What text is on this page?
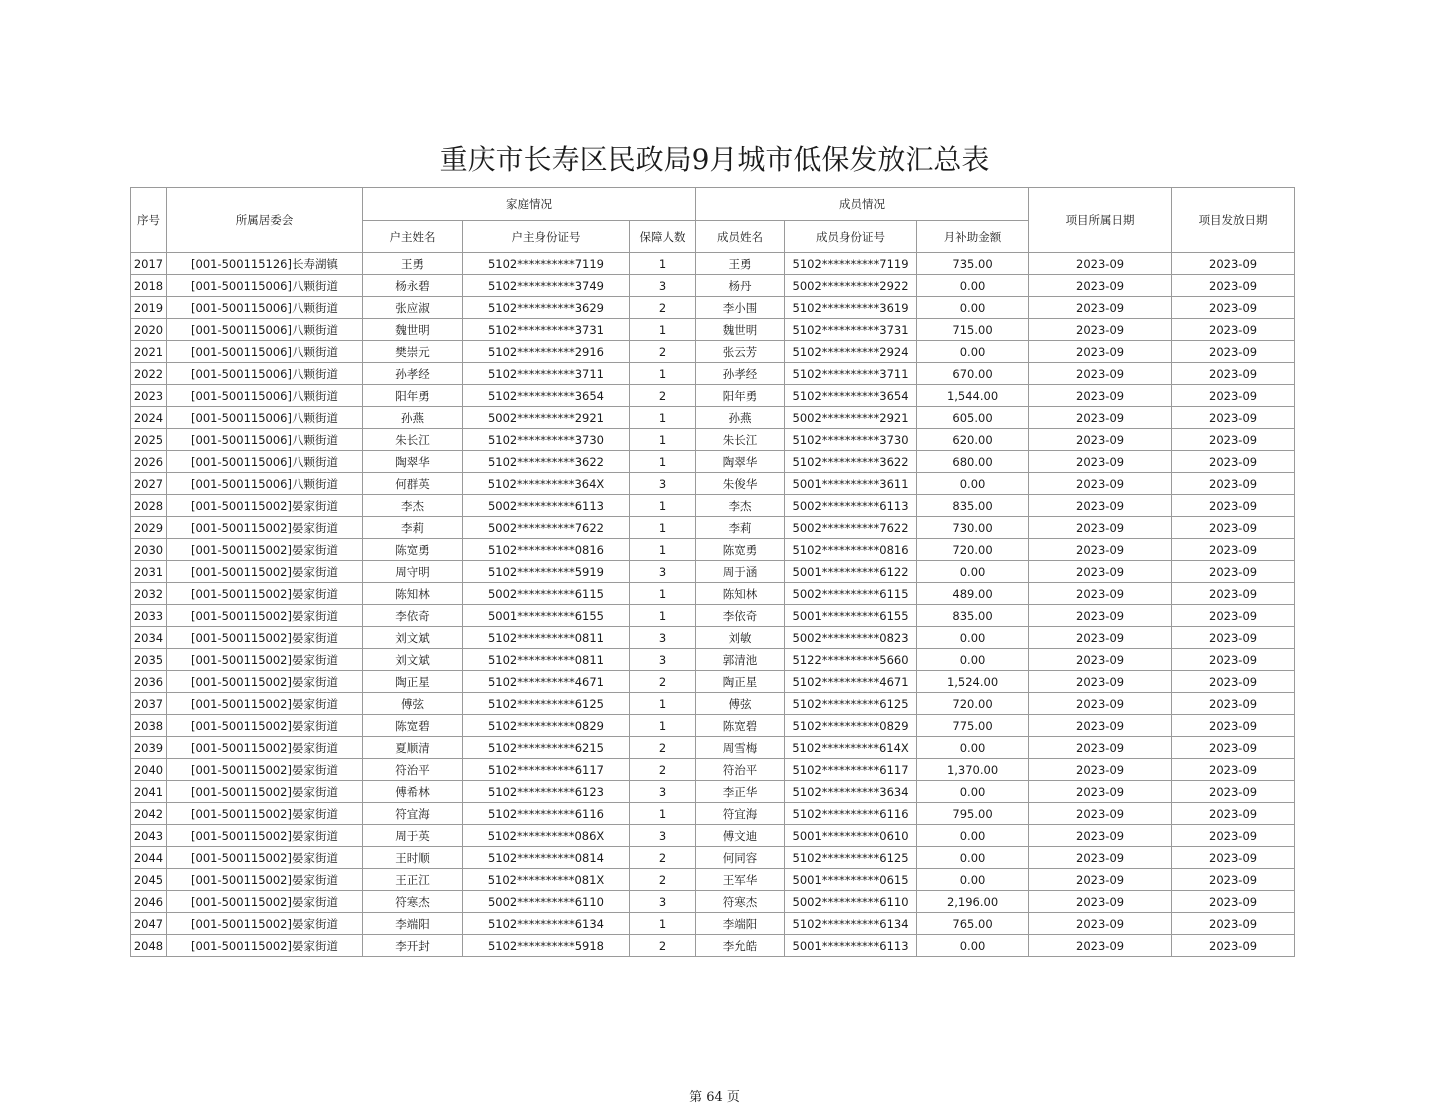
重庆市长寿区民政局9月城市低保发放汇总表
序号	所属居委会	家庭情况			成员情况			项目所属日期	项目发放日期
		户主姓名	户主身份证号	保障人数	成员姓名	成员身份证号	月补助金额		
2017	[001-500115126]长寿湖镇	王勇	5102**********7119	1	王勇	5102**********7119	735.00	2023-09	2023-09
2018	[001-500115006]八颗街道	杨永碧	5102**********3749	3	杨丹	5002**********2922	0.00	2023-09	2023-09
2019	[001-500115006]八颗街道	张应淑	5102**********3629	2	李小围	5102**********3619	0.00	2023-09	2023-09
2020	[001-500115006]八颗街道	魏世明	5102**********3731	1	魏世明	5102**********3731	715.00	2023-09	2023-09
2021	[001-500115006]八颗街道	樊崇元	5102**********2916	2	张云芳	5102**********2924	0.00	2023-09	2023-09
2022	[001-500115006]八颗街道	孙孝经	5102**********3711	1	孙孝经	5102**********3711	670.00	2023-09	2023-09
2023	[001-500115006]八颗街道	阳年勇	5102**********3654	2	阳年勇	5102**********3654	1,544.00	2023-09	2023-09
2024	[001-500115006]八颗街道	孙燕	5002**********2921	1	孙燕	5002**********2921	605.00	2023-09	2023-09
2025	[001-500115006]八颗街道	朱长江	5102**********3730	1	朱长江	5102**********3730	620.00	2023-09	2023-09
2026	[001-500115006]八颗街道	陶翠华	5102**********3622	1	陶翠华	5102**********3622	680.00	2023-09	2023-09
2027	[001-500115006]八颗街道	何群英	5102**********364X	3	朱俊华	5001**********3611	0.00	2023-09	2023-09
2028	[001-500115002]晏家街道	李杰	5002**********6113	1	李杰	5002**********6113	835.00	2023-09	2023-09
2029	[001-500115002]晏家街道	李莉	5002**********7622	1	李莉	5002**********7622	730.00	2023-09	2023-09
2030	[001-500115002]晏家街道	陈宽勇	5102**********0816	1	陈宽勇	5102**********0816	720.00	2023-09	2023-09
2031	[001-500115002]晏家街道	周守明	5102**********5919	3	周于涵	5001**********6122	0.00	2023-09	2023-09
2032	[001-500115002]晏家街道	陈知林	5002**********6115	1	陈知林	5002**********6115	489.00	2023-09	2023-09
2033	[001-500115002]晏家街道	李依奇	5001**********6155	1	李依奇	5001**********6155	835.00	2023-09	2023-09
2034	[001-500115002]晏家街道	刘文斌	5102**********0811	3	刘敏	5002**********0823	0.00	2023-09	2023-09
2035	[001-500115002]晏家街道	刘文斌	5102**********0811	3	郭清池	5122**********5660	0.00	2023-09	2023-09
2036	[001-500115002]晏家街道	陶正星	5102**********4671	2	陶正星	5102**********4671	1,524.00	2023-09	2023-09
2037	[001-500115002]晏家街道	傅弦	5102**********6125	1	傅弦	5102**********6125	720.00	2023-09	2023-09
2038	[001-500115002]晏家街道	陈宽碧	5102**********0829	1	陈宽碧	5102**********0829	775.00	2023-09	2023-09
2039	[001-500115002]晏家街道	夏顺清	5102**********6215	2	周雪梅	5102**********614X	0.00	2023-09	2023-09
2040	[001-500115002]晏家街道	符治平	5102**********6117	2	符治平	5102**********6117	1,370.00	2023-09	2023-09
2041	[001-500115002]晏家街道	傅希林	5102**********6123	3	李正华	5102**********3634	0.00	2023-09	2023-09
2042	[001-500115002]晏家街道	符宜海	5102**********6116	1	符宜海	5102**********6116	795.00	2023-09	2023-09
2043	[001-500115002]晏家街道	周于英	5102**********086X	3	傅文迪	5001**********0610	0.00	2023-09	2023-09
2044	[001-500115002]晏家街道	王时顺	5102**********0814	2	何同容	5102**********6125	0.00	2023-09	2023-09
2045	[001-500115002]晏家街道	王正江	5102**********081X	2	王军华	5001**********0615	0.00	2023-09	2023-09
2046	[001-500115002]晏家街道	符寒杰	5002**********6110	3	符寒杰	5002**********6110	2,196.00	2023-09	2023-09
2047	[001-500115002]晏家街道	李端阳	5102**********6134	1	李端阳	5102**********6134	765.00	2023-09	2023-09
2048	[001-500115002]晏家街道	李开封	5102**********5918	2	李允皓	5001**********6113	0.00	2023-09	2023-09
第 64 页
